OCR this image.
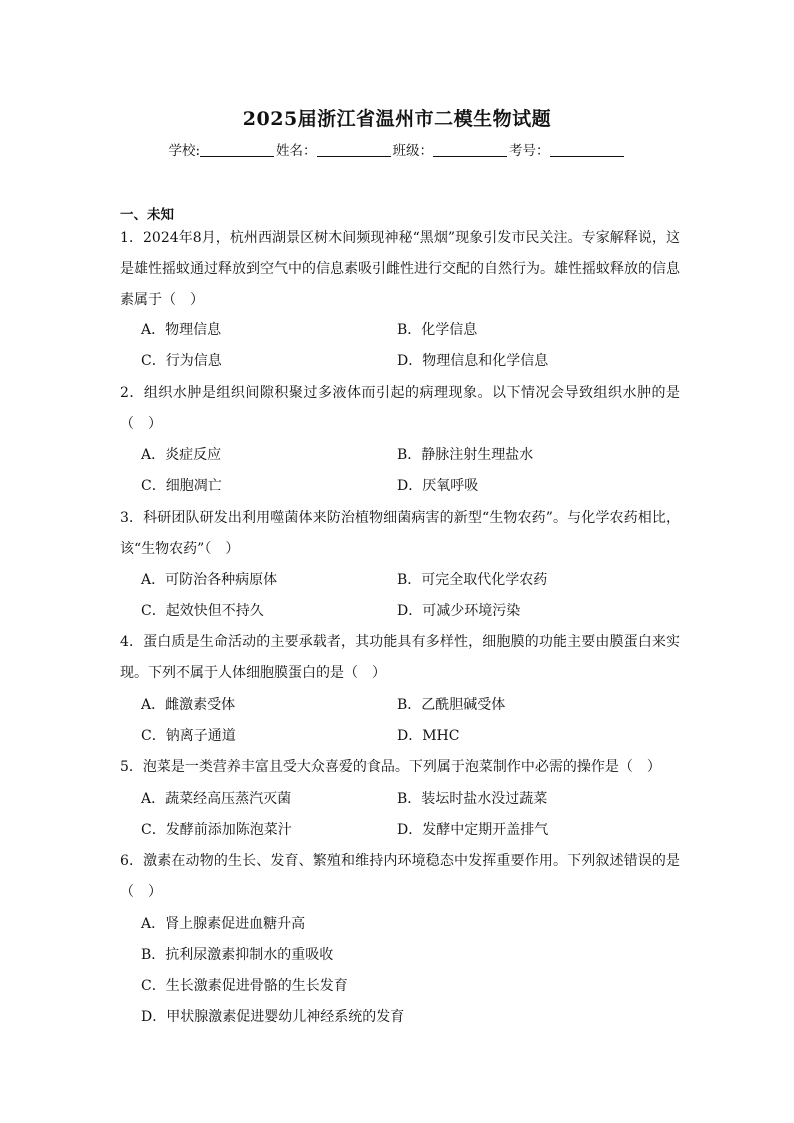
2025届浙江省温州市二模生物试题
学校:	姓名：	班级：	考号：
一、未知
1．2024年8月，杭州西湖景区树木间频现神秘“黑烟”现象引发市民关注。专家解释说，这是雄性摇蚊通过释放到空气中的信息素吸引雌性进行交配的自然行为。雄性摇蚊释放的信息素属于（　）
A．物理信息	B．化学信息
C．行为信息	D．物理信息和化学信息
2．组织水肿是组织间隙积聚过多液体而引起的病理现象。以下情况会导致组织水肿的是（　）
A．炎症反应	B．静脉注射生理盐水
C．细胞凋亡	D．厌氧呼吸
3．科研团队研发出利用噬菌体来防治植物细菌病害的新型“生物农药”。与化学农药相比，该“生物农药”（　）
A．可防治各种病原体	B．可完全取代化学农药
C．起效快但不持久	D．可减少环境污染
4．蛋白质是生命活动的主要承载者，其功能具有多样性，细胞膜的功能主要由膜蛋白来实现。下列不属于人体细胞膜蛋白的是（　）
A．雌激素受体	B．乙酰胆碱受体
C．钠离子通道	D．MHC
5．泡菜是一类营养丰富且受大众喜爱的食品。下列属于泡菜制作中必需的操作是（　）
A．蔬菜经高压蒸汽灭菌	B．装坛时盐水没过蔬菜
C．发酵前添加陈泡菜汁	D．发酵中定期开盖排气
6．激素在动物的生长、发育、繁殖和维持内环境稳态中发挥重要作用。下列叙述错误的是（　）
A．肾上腺素促进血糖升高
B．抗利尿激素抑制水的重吸收
C．生长激素促进骨骼的生长发育
D．甲状腺激素促进婴幼儿神经系统的发育
